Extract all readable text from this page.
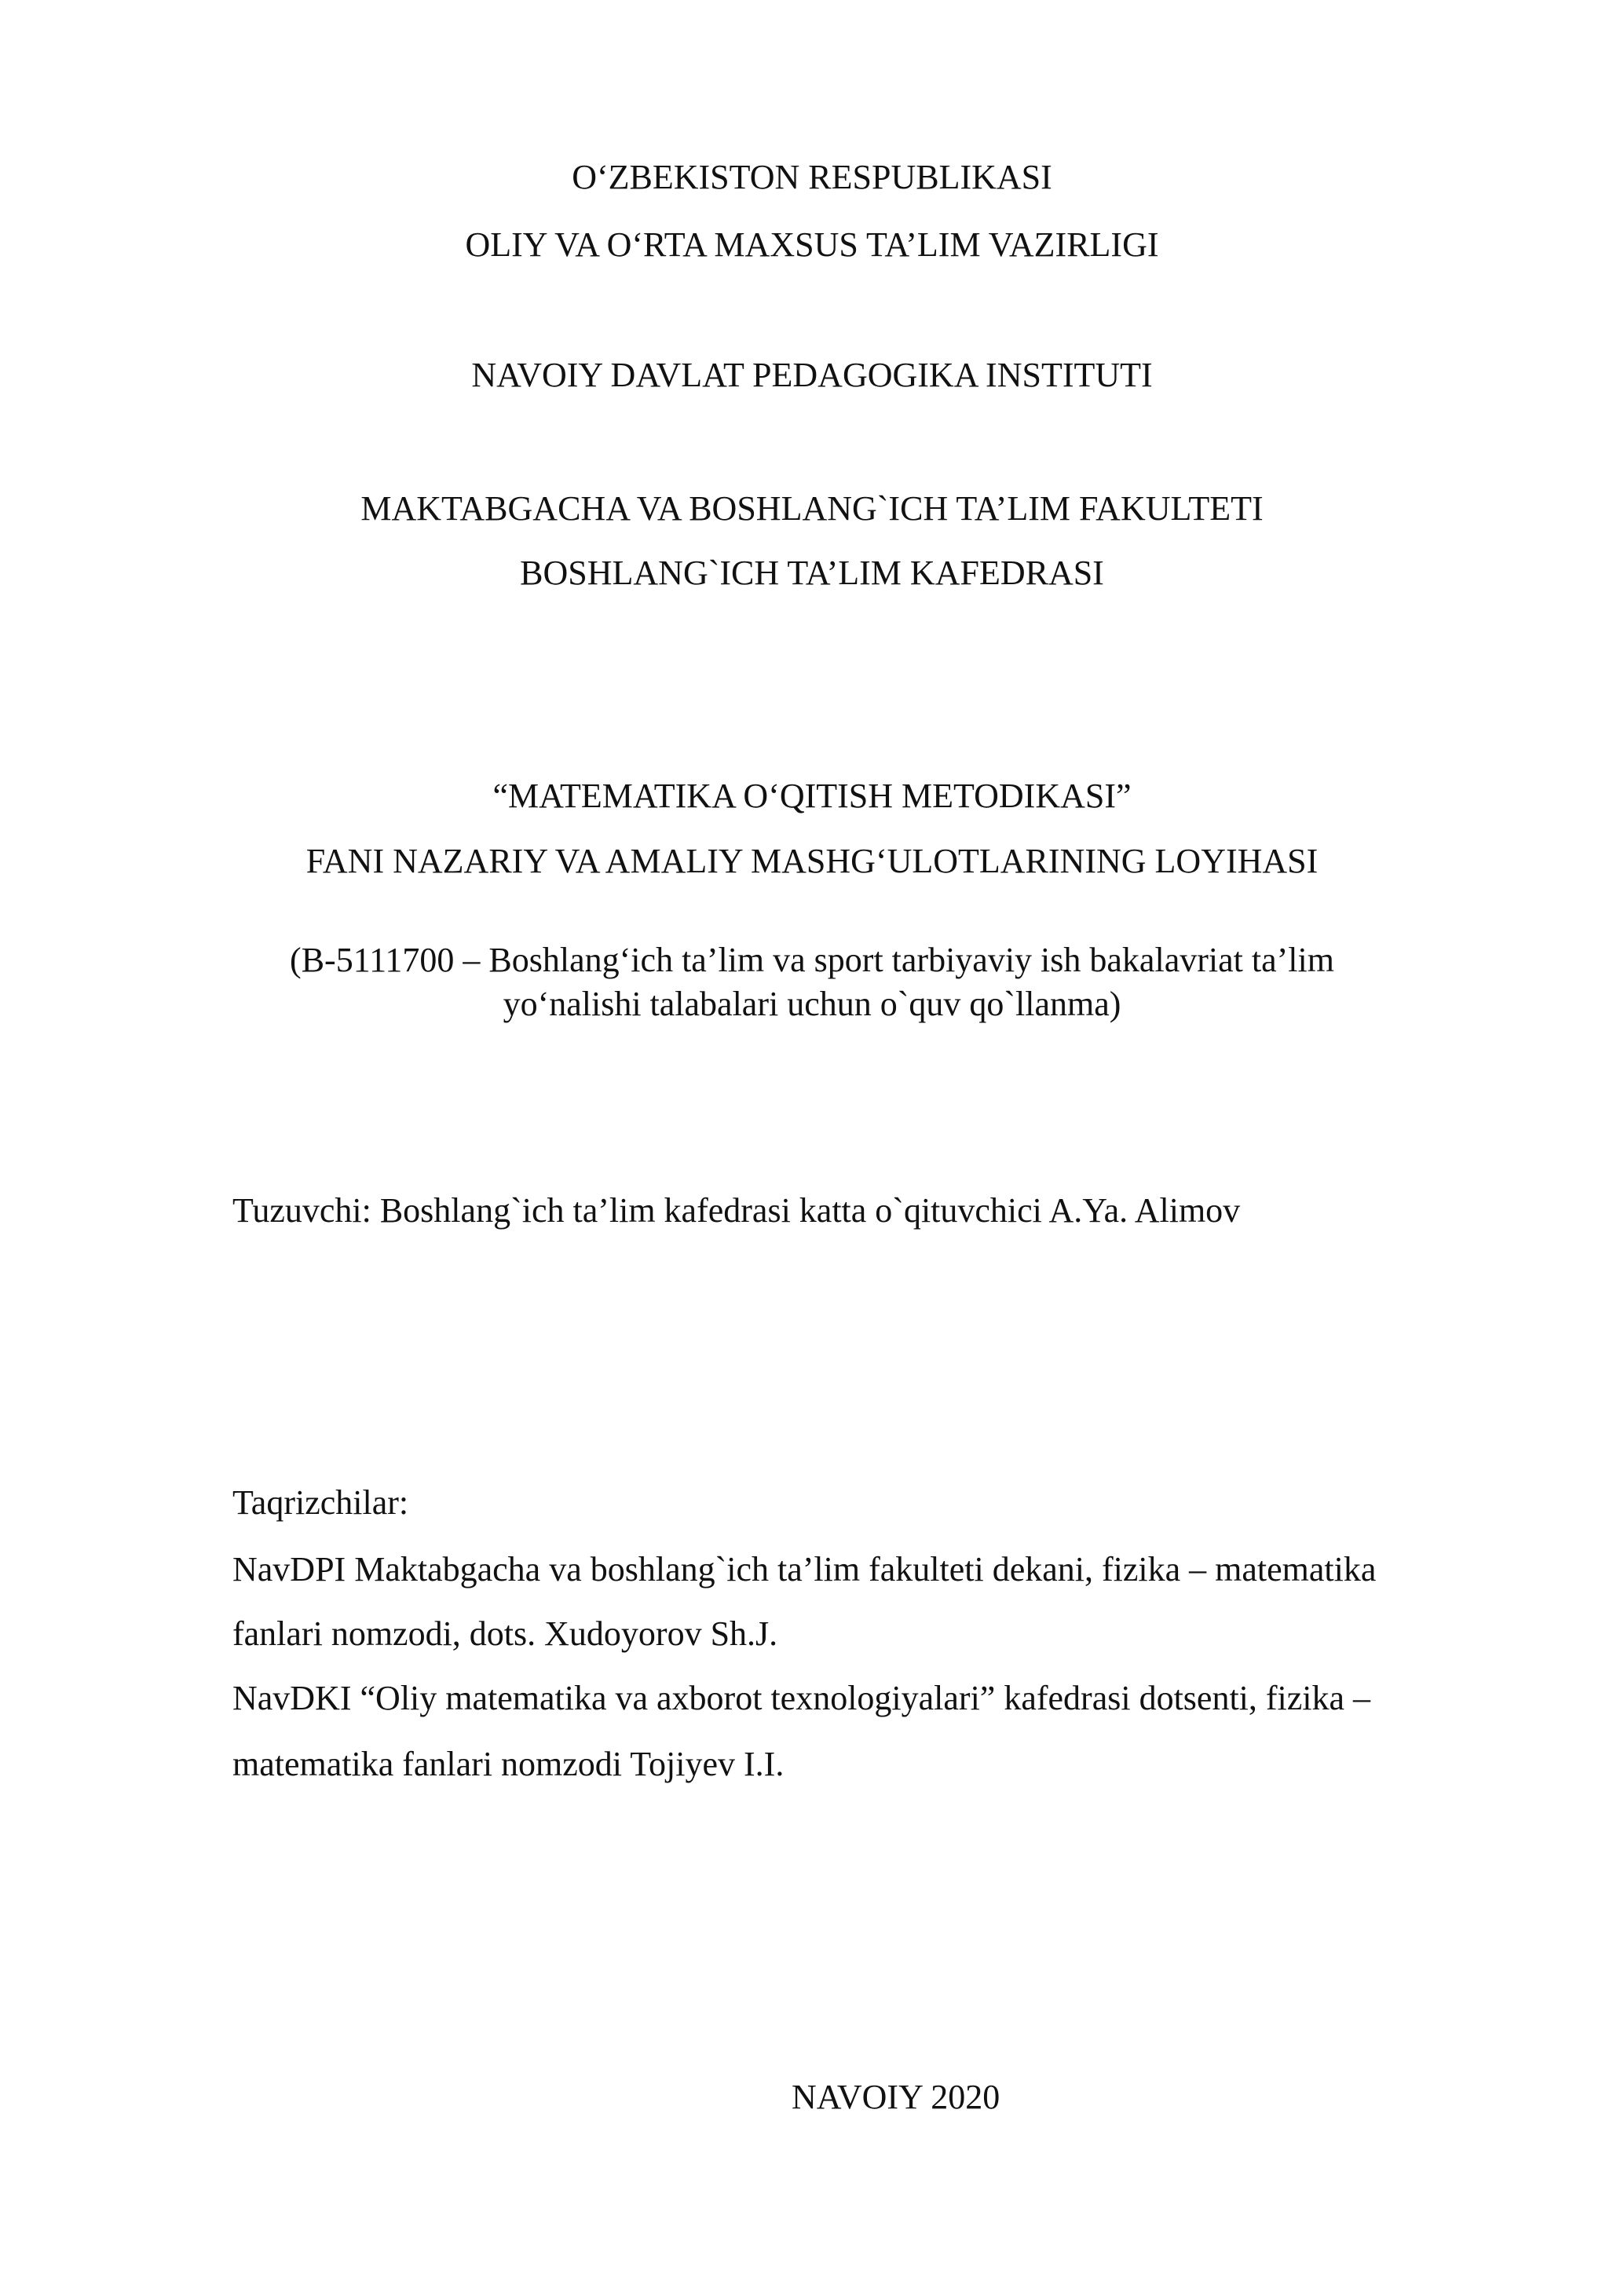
O‘ZBEKISTON RESPUBLIKASI
OLIY VA O‘RTA MAXSUS TA’LIM VAZIRLIGI
NAVOIY DAVLAT PEDAGOGIKA INSTITUTI
MAKTABGACHA VA BOSHLANG`ICH TA’LIM FAKULTETI
BOSHLANG`ICH TA’LIM KAFEDRASI
“MATEMATIKA O‘QITISH METODIKASI”
FANI NAZARIY VA AMALIY MASHG‘ULOTLARINING LOYIHASI
(B-5111700 – Boshlang‘ich ta’lim va sport tarbiyaviy ish bakalavriat ta’lim
yo‘nalishi talabalari uchun o`quv qo`llanma)
Tuzuvchi: Boshlang`ich ta’lim kafedrasi katta o`qituvchici A.Ya. Alimov
Taqrizchilar:
NavDPI Maktabgacha va boshlang`ich ta’lim fakulteti dekani, fizika – matematika
fanlari nomzodi, dots. Xudoyorov Sh.J.
NavDKI “Oliy matematika va axborot texnologiyalari” kafedrasi dotsenti, fizika –
matematika fanlari nomzodi Tojiyev I.I.
NAVOIY 2020
